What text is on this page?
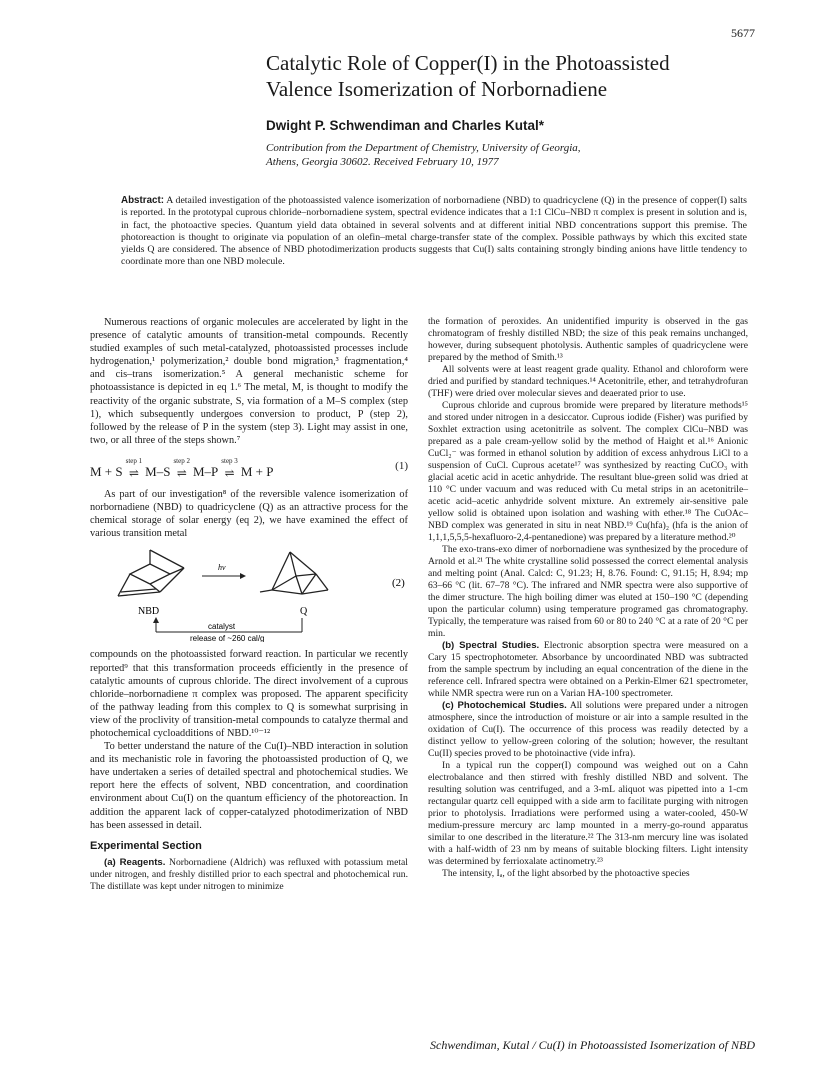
5677
Catalytic Role of Copper(I) in the Photoassisted
Valence Isomerization of Norbornadiene
Dwight P. Schwendiman and Charles Kutal*
Contribution from the Department of Chemistry, University of Georgia,
Athens, Georgia 30602. Received February 10, 1977
Abstract: A detailed investigation of the photoassisted valence isomerization of norbornadiene (NBD) to quadricyclene (Q) in the presence of copper(I) salts is reported. In the prototypal cuprous chloride–norbornadiene system, spectral evidence indicates that a 1:1 ClCu–NBD π complex is present in solution and is, in fact, the photoactive species. Quantum yield data obtained in several solvents and at different initial NBD concentrations support this premise. The photoreaction is thought to originate via population of an olefin–metal charge-transfer state of the complex. Possible pathways by which this excited state yields Q are considered. The absence of NBD photodimerization products suggests that Cu(I) salts containing strongly binding anions have little tendency to coordinate more than one NBD molecule.

Numerous reactions of organic molecules are accelerated by light in the presence of catalytic amounts of transition-metal compounds. Recently studied examples of such metal-catalyzed, photoassisted processes include hydrogenation,¹ polymerization,² double bond migration,³ fragmentation,⁴ and cis–trans isomerization.⁵ A general mechanistic scheme for photoassistance is depicted in eq 1.⁶ The metal, M, is thought to modify the reactivity of the organic substrate, S, via formation of a M–S complex (step 1), which subsequently undergoes conversion to product, P (step 2), followed by the release of P in the system (step 3). Light may assist in one, two, or all three of the steps shown.⁷

M + S
step 1
⇌ M–S
step 2
⇌ M–P
step 3
⇌ M + P	(1)

As part of our investigation⁸ of the reversible valence isomerization of norbornadiene (NBD) to quadricyclene (Q) as an attractive process for the chemical storage of solar energy (eq 2), we have examined the effect of various transition metal

hν
NBD	Q
catalyst
release of ~260 cal/g
(2)

compounds on the photoassisted forward reaction. In particular we recently reported⁹ that this transformation proceeds efficiently in the presence of catalytic amounts of cuprous chloride. The direct involvement of a cuprous chloride–norbornadiene π complex was proposed. The apparent specificity of the pathway leading from this complex to Q is somewhat surprising in view of the proclivity of transition-metal compounds to catalyze thermal and photochemical cycloadditions of NBD.¹⁰⁻¹²

To better understand the nature of the Cu(I)–NBD interaction in solution and its mechanistic role in favoring the photoassisted production of Q, we have undertaken a series of detailed spectral and photochemical studies. We report here the effects of solvent, NBD concentration, and coordination environment about Cu(I) on the quantum efficiency of the photoreaction. In addition the apparent lack of copper-catalyzed photodimerization of NBD has been assessed in detail.

Experimental Section

(a) Reagents. Norbornadiene (Aldrich) was refluxed with potassium metal under nitrogen, and freshly distilled prior to each spectral and photochemical run. The distillate was kept under nitrogen to minimize

the formation of peroxides. An unidentified impurity is observed in the gas chromatogram of freshly distilled NBD; the size of this peak remains unchanged, however, during subsequent photolysis. Authentic samples of quadricyclene were prepared by the method of Smith.¹³

All solvents were at least reagent grade quality. Ethanol and chloroform were dried and purified by standard techniques.¹⁴ Acetonitrile, ether, and tetrahydrofuran (THF) were dried over molecular sieves and deaerated prior to use.

Cuprous chloride and cuprous bromide were prepared by literature methods¹⁵ and stored under nitrogen in a desiccator. Cuprous iodide (Fisher) was purified by Soxhlet extraction using acetonitrile as solvent. The complex ClCu–NBD was prepared as a pale cream-yellow solid by the method of Haight et al.¹⁶ Anionic CuCl₂⁻ was formed in ethanol solution by addition of excess anhydrous LiCl to a suspension of CuCl. Cuprous acetate¹⁷ was synthesized by reacting CuCO₃ with glacial acetic acid in acetic anhydride. The resultant blue-green solid was dried at 110 °C under vacuum and was reduced with Cu metal strips in an acetonitrile–acetic acid–acetic anhydride solvent mixture. An extremely air-sensitive pale yellow solid is obtained upon isolation and washing with ether.¹⁸ The CuOAc–NBD complex was generated in situ in neat NBD.¹⁹ Cu(hfa)₂ (hfa is the anion of 1,1,1,5,5,5-hexafluoro-2,4-pentanedione) was prepared by a literature method.²⁰

The exo-trans-exo dimer of norbornadiene was synthesized by the procedure of Arnold et al.²¹ The white crystalline solid possessed the correct elemental analysis and melting point (Anal. Calcd: C, 91.23; H, 8.76. Found: C, 91.15; H, 8.94; mp 63–66 °C (lit. 67–78 °C). The infrared and NMR spectra were also supportive of the dimer structure. The high boiling dimer was eluted at 150–190 °C (depending upon the particular column) using temperature programed gas chromatography. Typically, the temperature was raised from 60 or 80 to 240 °C at a rate of 20 °C per min.

(b) Spectral Studies. Electronic absorption spectra were measured on a Cary 15 spectrophotometer. Absorbance by uncoordinated NBD was subtracted from the sample spectrum by including an equal concentration of the diene in the reference cell. Infrared spectra were obtained on a Perkin-Elmer 621 spectrometer, while NMR spectra were run on a Varian HA-100 spectrometer.

(c) Photochemical Studies. All solutions were prepared under a nitrogen atmosphere, since the introduction of moisture or air into a sample resulted in the oxidation of Cu(I). The occurrence of this process was readily detected by a distinct yellow to yellow-green coloring of the solution; however, the resultant Cu(II) species proved to be photoinactive (vide infra).

In a typical run the copper(I) compound was weighed out on a Cahn electrobalance and then stirred with freshly distilled NBD and solvent. The resulting solution was centrifuged, and a 3-mL aliquot was pipetted into a 1-cm rectangular quartz cell equipped with a side arm to facilitate purging with nitrogen prior to photolysis. Irradiations were performed using a water-cooled, 450-W medium-pressure mercury arc lamp mounted in a merry-go-round apparatus similar to one described in the literature.²² The 313-nm mercury line was isolated with a half-width of 23 nm by means of suitable blocking filters. Light intensity was determined by ferrioxalate actinometry.²³

The intensity, Iₐ, of the light absorbed by the photoactive species

Schwendiman, Kutal / Cu(I) in Photoassisted Isomerization of NBD
